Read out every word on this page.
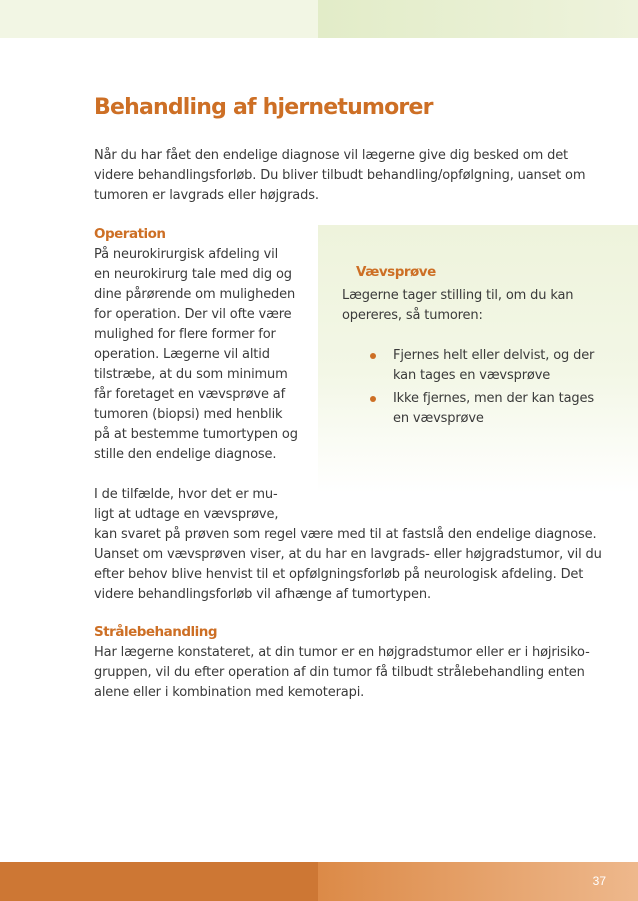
Behandling af hjernetumorer

Når du har fået den endelige diagnose vil lægerne give dig besked om det
videre behandlingsforløb. Du bliver tilbudt behandling/opfølgning, uanset om
tumoren er lavgrads eller højgrads.

Operation

På neurokirurgisk afdeling vil
en neurokirurg tale med dig og
dine pårørende om muligheden
for operation. Der vil ofte være
mulighed for flere former for
operation. Lægerne vil altid
tilstræbe, at du som minimum
får foretaget en vævsprøve af
tumoren (biopsi) med henblik
på at bestemme tumortypen og
stille den endelige diagnose.

I de tilfælde, hvor det er mu-
ligt at udtage en vævsprøve,
kan svaret på prøven som regel være med til at fastslå den endelige diagnose.
Uanset om vævsprøven viser, at du har en lavgrads- eller højgradstumor, vil du
efter behov blive henvist til et opfølgningsforløb på neurologisk afdeling. Det
videre behandlingsforløb vil afhænge af tumortypen.

Vævsprøve

Lægerne tager stilling til, om du kan
opereres, så tumoren:

Fjernes helt eller delvist, og der
kan tages en vævsprøve
Ikke fjernes, men der kan tages
en vævsprøve
Strålebehandling

Har lægerne konstateret, at din tumor er en højgradstumor eller er i højrisiko-
gruppen, vil du efter operation af din tumor få tilbudt strålebehandling enten
alene eller i kombination med kemoterapi.

37
